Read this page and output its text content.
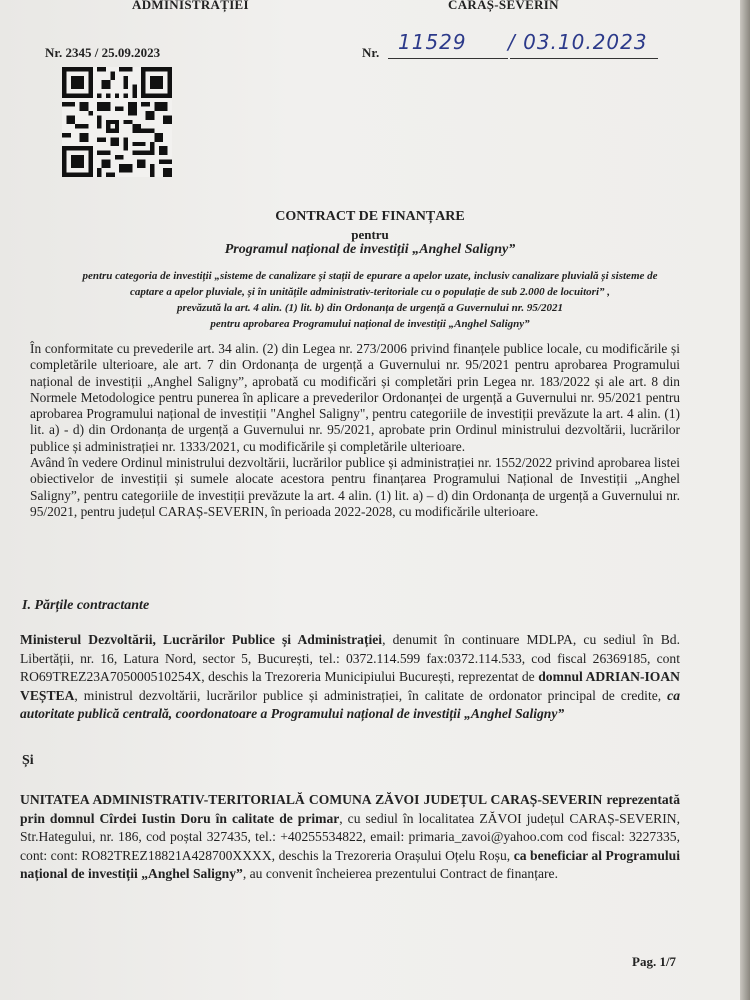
ADMINISTRAȚIEI	CARAȘ-SEVERIN
Nr. 2345 / 25.09.2023	Nr. 11529 / 03.10.2023
CONTRACT DE FINANȚARE
pentru
Programul național de investiții „Anghel Saligny”
pentru categoria de investiții „sisteme de canalizare și stații de epurare a apelor uzate, inclusiv canalizare pluvială și sisteme de
captare a apelor pluviale, și în unitățile administrativ-teritoriale cu o populație de sub 2.000 de locuitori” ,
prevăzută la art. 4 alin. (1) lit. b) din Ordonanța de urgență a Guvernului nr. 95/2021
pentru aprobarea Programului național de investiții „Anghel Saligny”

În conformitate cu prevederile art. 34 alin. (2) din Legea nr. 273/2006 privind finanțele publice locale, cu modificările și completările ulterioare, ale art. 7 din Ordonanța de urgență a Guvernului nr. 95/2021 pentru aprobarea Programului național de investiții „Anghel Saligny”, aprobată cu modificări și completări prin Legea nr. 183/2022 și ale art. 8 din Normele Metodologice pentru punerea în aplicare a prevederilor Ordonanței de urgență a Guvernului nr. 95/2021 pentru aprobarea Programului național de investiții "Anghel Saligny", pentru categoriile de investiții prevăzute la art. 4 alin. (1) lit. a) - d) din Ordonanța de urgență a Guvernului nr. 95/2021, aprobate prin Ordinul ministrului dezvoltării, lucrărilor publice și administrației nr. 1333/2021, cu modificările și completările ulterioare.

Având în vedere Ordinul ministrului dezvoltării, lucrărilor publice și administrației nr. 1552/2022 privind aprobarea listei obiectivelor de investiții și sumele alocate acestora pentru finanțarea Programului Național de Investiții „Anghel Saligny”, pentru categoriile de investiții prevăzute la art. 4 alin. (1) lit. a) – d) din Ordonanța de urgență a Guvernului nr. 95/2021, pentru județul CARAȘ-SEVERIN, în perioada 2022-2028, cu modificările ulterioare.

I. Părțile contractante

Ministerul Dezvoltării, Lucrărilor Publice și Administrației, denumit în continuare MDLPA, cu sediul în Bd. Libertății, nr. 16, Latura Nord, sector 5, București, tel.: 0372.114.599 fax:0372.114.533, cod fiscal 26369185, cont RO69TREZ23A705000510254X, deschis la Trezoreria Municipiului București, reprezentat de domnul ADRIAN-IOAN VEȘTEA, ministrul dezvoltării, lucrărilor publice și administrației, în calitate de ordonator principal de credite, ca autoritate publică centrală, coordonatoare a Programului național de investiții „Anghel Saligny”

Și

UNITATEA ADMINISTRATIV-TERITORIALĂ COMUNA ZĂVOI JUDEȚUL CARAȘ-SEVERIN reprezentată prin domnul Cîrdei Iustin Doru în calitate de primar, cu sediul în localitatea ZĂVOI județul CARAȘ-SEVERIN, Str.Hategului, nr. 186, cod poștal 327435, tel.: +40255534822, email: primaria_zavoi@yahoo.com cod fiscal: 3227335, cont: cont: RO82TREZ18821A428700XXXX, deschis la Trezoreria Orașului Oțelu Roșu, ca beneficiar al Programului național de investiții „Anghel Saligny”, au convenit încheierea prezentului Contract de finanțare.

Pag. 1/7
